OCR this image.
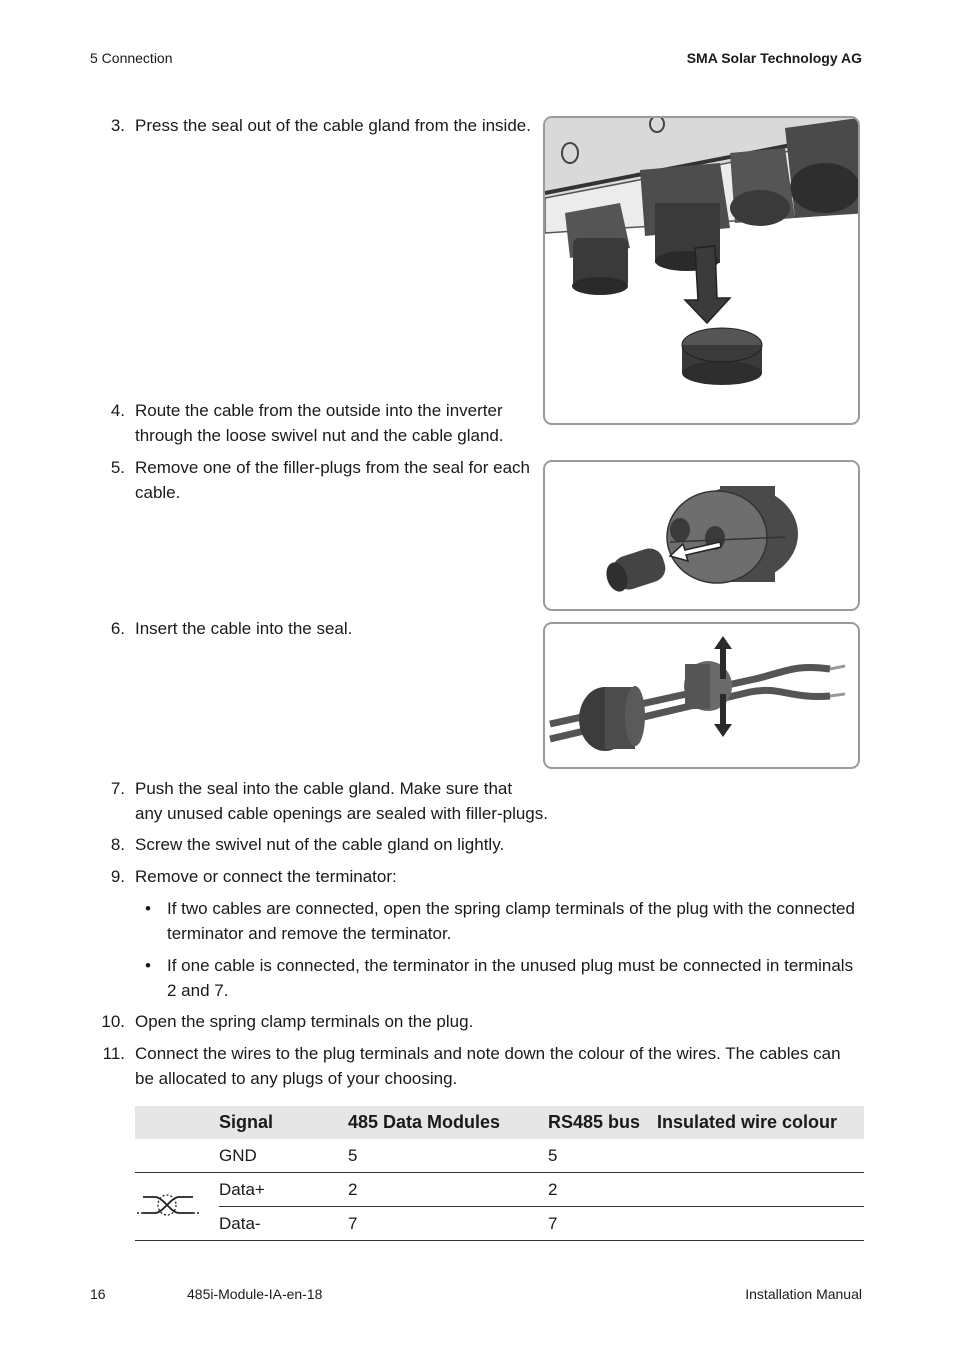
5 Connection	SMA Solar Technology AG
3. Press the seal out of the cable gland from the inside.
4. Route the cable from the outside into the inverter
through the loose swivel nut and the cable gland.
5. Remove one of the filler-plugs from the seal for each
cable.
6. Insert the cable into the seal.
7. Push the seal into the cable gland. Make sure that
any unused cable openings are sealed with filler-plugs.
8. Screw the swivel nut of the cable gland on lightly.
9. Remove or connect the terminator:
• If two cables are connected, open the spring clamp terminals of the plug with the connected
terminator and remove the terminator.
• If one cable is connected, the terminator in the unused plug must be connected in terminals
2 and 7.
10. Open the spring clamp terminals on the plug.
11. Connect the wires to the plug terminals and note down the colour of the wires. The cables can
be allocated to any plugs of your choosing.
	Signal	485 Data Modules	RS485 bus	Insulated wire colour
	GND	5	5	
	Data+	2	2	
	Data-	7	7	
16	485i-Module-IA-en-18	Installation Manual
